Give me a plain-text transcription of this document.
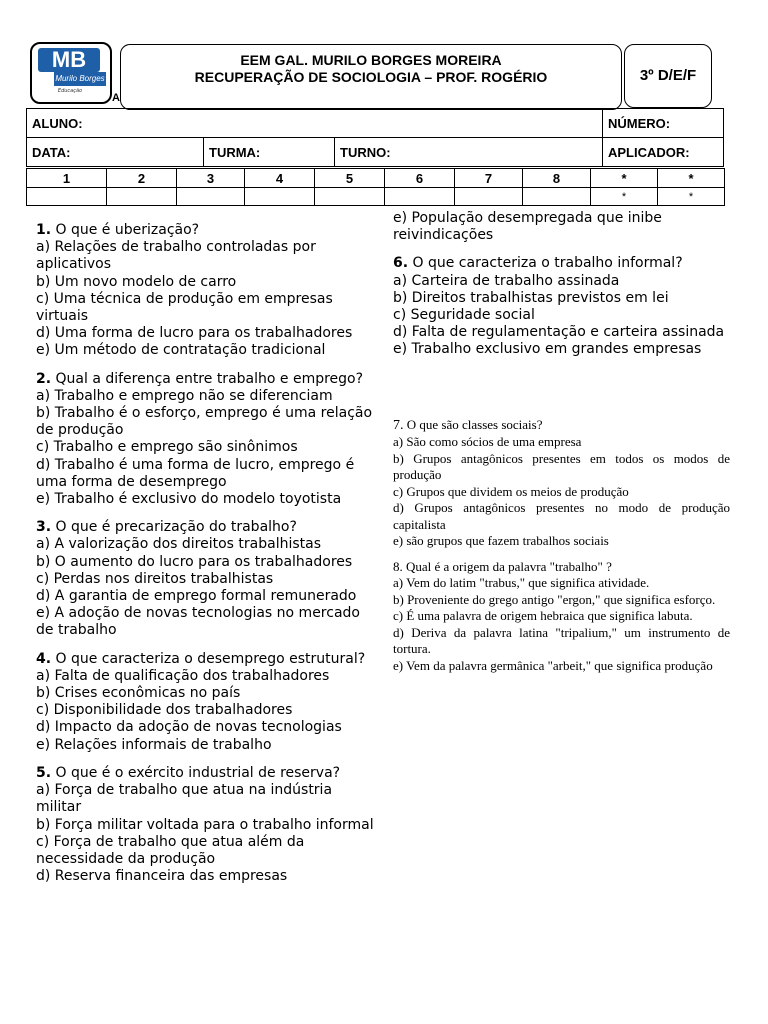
MB
Murilo Borges
Educação
A
EEM GAL. MURILO BORGES MOREIRA
RECUPERAÇÃO DE SOCIOLOGIA – PROF. ROGÉRIO	3º D/E/F
ALUNO:			NÚMERO:
DATA:	TURMA:	TURNO:	APLICADOR:
1	2	3	4	5	6	7	8	*	*
								*	*
1. O que é uberização?
a) Relações de trabalho controladas por aplicativos
b) Um novo modelo de carro
c) Uma técnica de produção em empresas virtuais
d) Uma forma de lucro para os trabalhadores
e) Um método de contratação tradicional
2. Qual a diferença entre trabalho e emprego?
a) Trabalho e emprego não se diferenciam
b) Trabalho é o esforço, emprego é uma relação de produção
c) Trabalho e emprego são sinônimos
d) Trabalho é uma forma de lucro, emprego é uma forma de desemprego
e) Trabalho é exclusivo do modelo toyotista
3. O que é precarização do trabalho?
a) A valorização dos direitos trabalhistas
b) O aumento do lucro para os trabalhadores
c) Perdas nos direitos trabalhistas
d) A garantia de emprego formal remunerado
e) A adoção de novas tecnologias no mercado de trabalho
4. O que caracteriza o desemprego estrutural?
a) Falta de qualificação dos trabalhadores
b) Crises econômicas no país
c) Disponibilidade dos trabalhadores
d) Impacto da adoção de novas tecnologias
e) Relações informais de trabalho
5. O que é o exército industrial de reserva?
a) Força de trabalho que atua na indústria militar
b) Força militar voltada para o trabalho informal
c) Força de trabalho que atua além da necessidade da produção
d) Reserva financeira das empresas
e) População desempregada que inibe reivindicações
6. O que caracteriza o trabalho informal?
a) Carteira de trabalho assinada
b) Direitos trabalhistas previstos em lei
c) Seguridade social
d) Falta de regulamentação e carteira assinada
e) Trabalho exclusivo em grandes empresas
7. O que são classes sociais?
a) São como sócios de uma empresa
b) Grupos antagônicos presentes em todos os modos de produção
c) Grupos que dividem os meios de produção
d) Grupos antagônicos presentes no modo de produção capitalista
e) são grupos que fazem trabalhos sociais
8. Qual é a origem da palavra "trabalho" ?
a) Vem do latim "trabus," que significa atividade.
b) Proveniente do grego antigo "ergon," que significa esforço.
c) É uma palavra de origem hebraica que significa labuta.
d) Deriva da palavra latina "tripalium," um instrumento de tortura.
e) Vem da palavra germânica "arbeit," que significa produção
